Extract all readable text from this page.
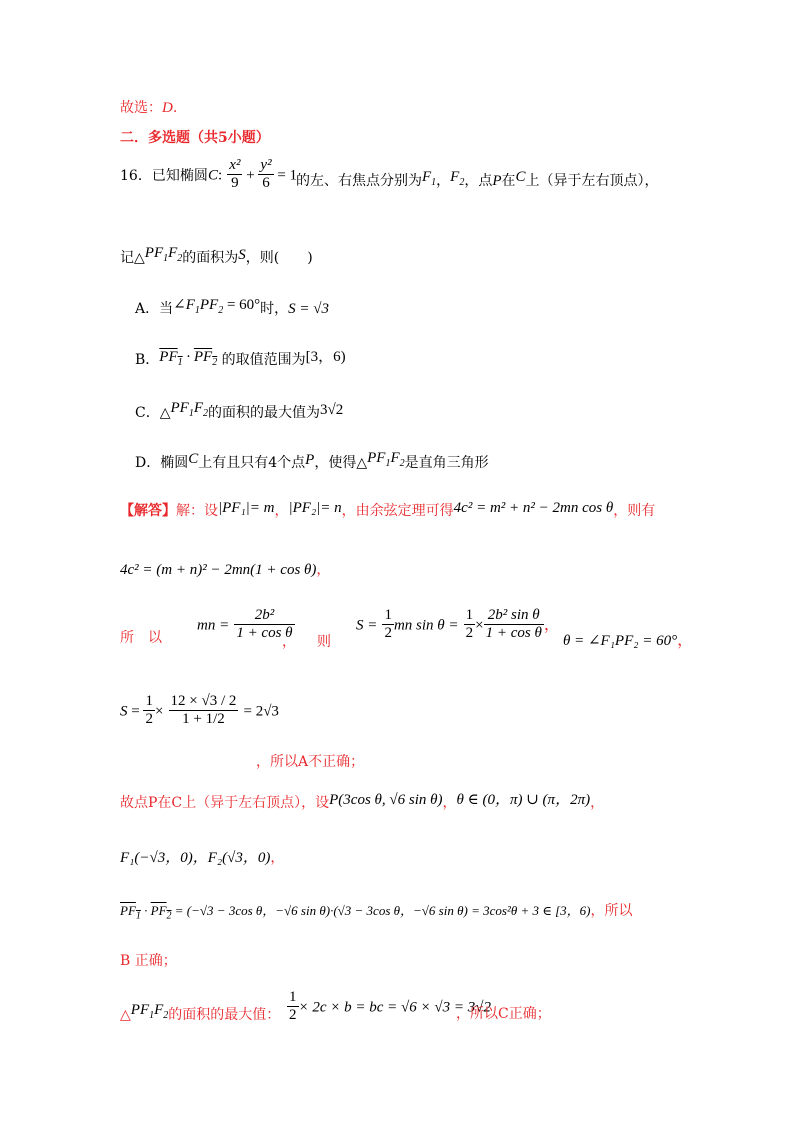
故选：D.
二．多选题（共5小题）
16．已知椭圆 C: $\frac{\text{x²}}{9} + \frac{\text{y²}}{6} = 1$
的左、右焦点分别为$F_1$，$F_2$，点P在C上（异于左右顶点），
记$\triangle PF_1F_2$的面积为S，则(　　)
A．当$\angle F_1PF_2 = 60^\circ$时，S = √3
B．$PF_1 \cdot PF_2$ 的取值范围为[3，6)
C．$\triangle PF_1F_2$的面积的最大值为3√2
D．椭圆C上有且只有4个点P，使得$\triangle PF_1F_2$是直角三角形
【解答】解：设|PF₁|= m，|PF₂|= n，由余弦定理可得4c² = m² + n² − 2mn cos θ，则有
4c² = (m + n)² − 2mn(1 + cos θ)，
所　以
mn = $\frac{\text{2b²}}{\text{1 + cos θ}}$
，　　则
$S = \frac{1}{2}$ mn $\sin \theta = \frac{1}{2} \times \frac{\text{2b² sin θ}}{\text{1 + cos θ}}$ ，
θ = ∠F₁PF₂ = 60°，
$S = \frac{1}{2} \times \frac{12 \times √3 / 2}{1 + 1/2} = 2√3$
，所以A不正确；
故点P在C上（异于左右顶点），设P(3cos θ, √6 sin θ)，θ ∈ (0，π) ∪ (π，2π)，
F₁(−√3，0)，F₂(√3，0)，
$PF_1 \cdot PF_2 = (-√3 - 3\cos$ θ，−√6 sin θ)·(√3 − 3cos θ，−√6 sin θ) = 3cos²θ + 3 ∈ [3，6)，所以
B 正确；
$\triangle PF_1F_2$的面积的最大值： $\frac{1}{2} \times 2c \times b$ = bc = √6 × √3 = 3√2
，所以C正确；
